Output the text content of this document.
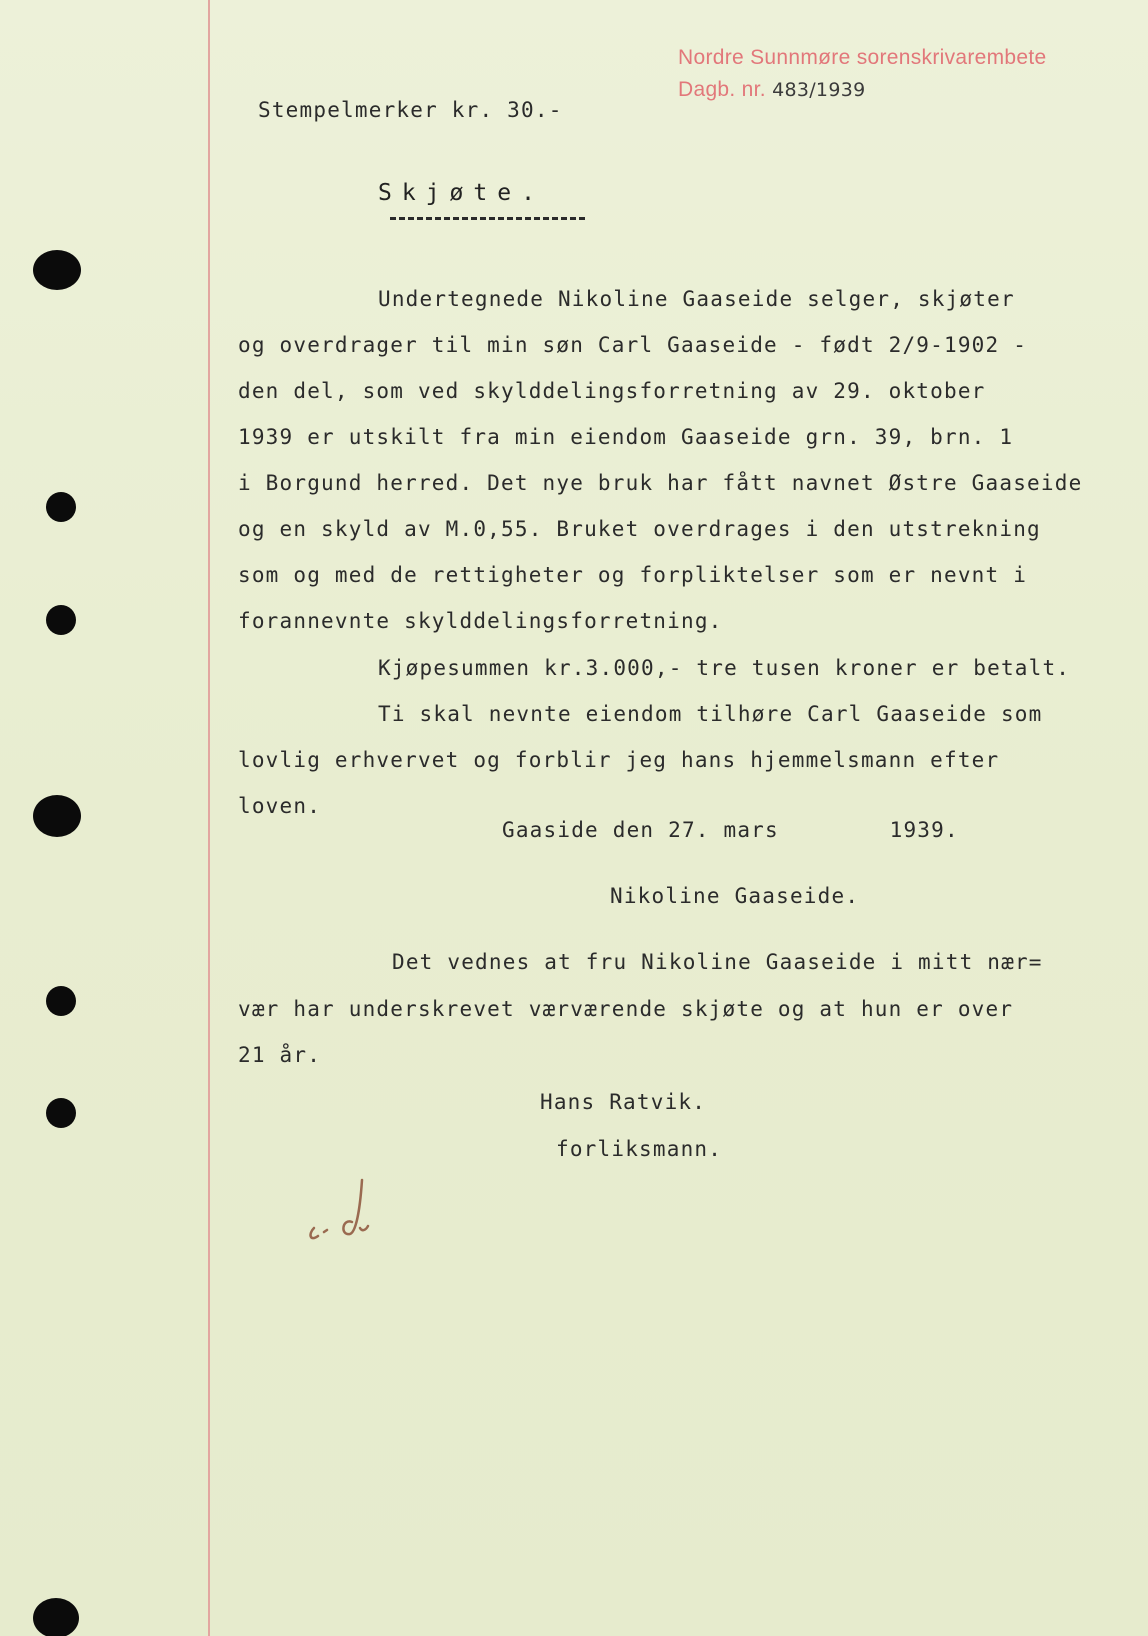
Nordre Sunnmøre sorenskrivarembete
Dagb. nr. 483/1939
Stempelmerker kr. 30.-
Skjøte.
Undertegnede Nikoline Gaaseide selger, skjøter
og overdrager til min søn Carl Gaaseide - født 2/9-1902 -
den del, som ved skylddelingsforretning av 29. oktober
1939 er utskilt fra min eiendom Gaaseide grn. 39, brn. 1
i Borgund herred. Det nye bruk har fått navnet Østre Gaaseide
og en skyld av M.0,55. Bruket overdrages i den utstrekning
som og med de rettigheter og forpliktelser som er nevnt i
forannevnte skylddelingsforretning.
Kjøpesummen kr.3.000,- tre tusen kroner er betalt.
Ti skal nevnte eiendom tilhøre Carl Gaaseide som
lovlig erhvervet og forblir jeg hans hjemmelsmann efter
loven.
Gaaside den 27. mars        1939.
Nikoline Gaaseide.
Det vednes at fru Nikoline Gaaseide i mitt nær=
vær har underskrevet værværende skjøte og at hun er over
21 år.
Hans Ratvik.
forliksmann.
